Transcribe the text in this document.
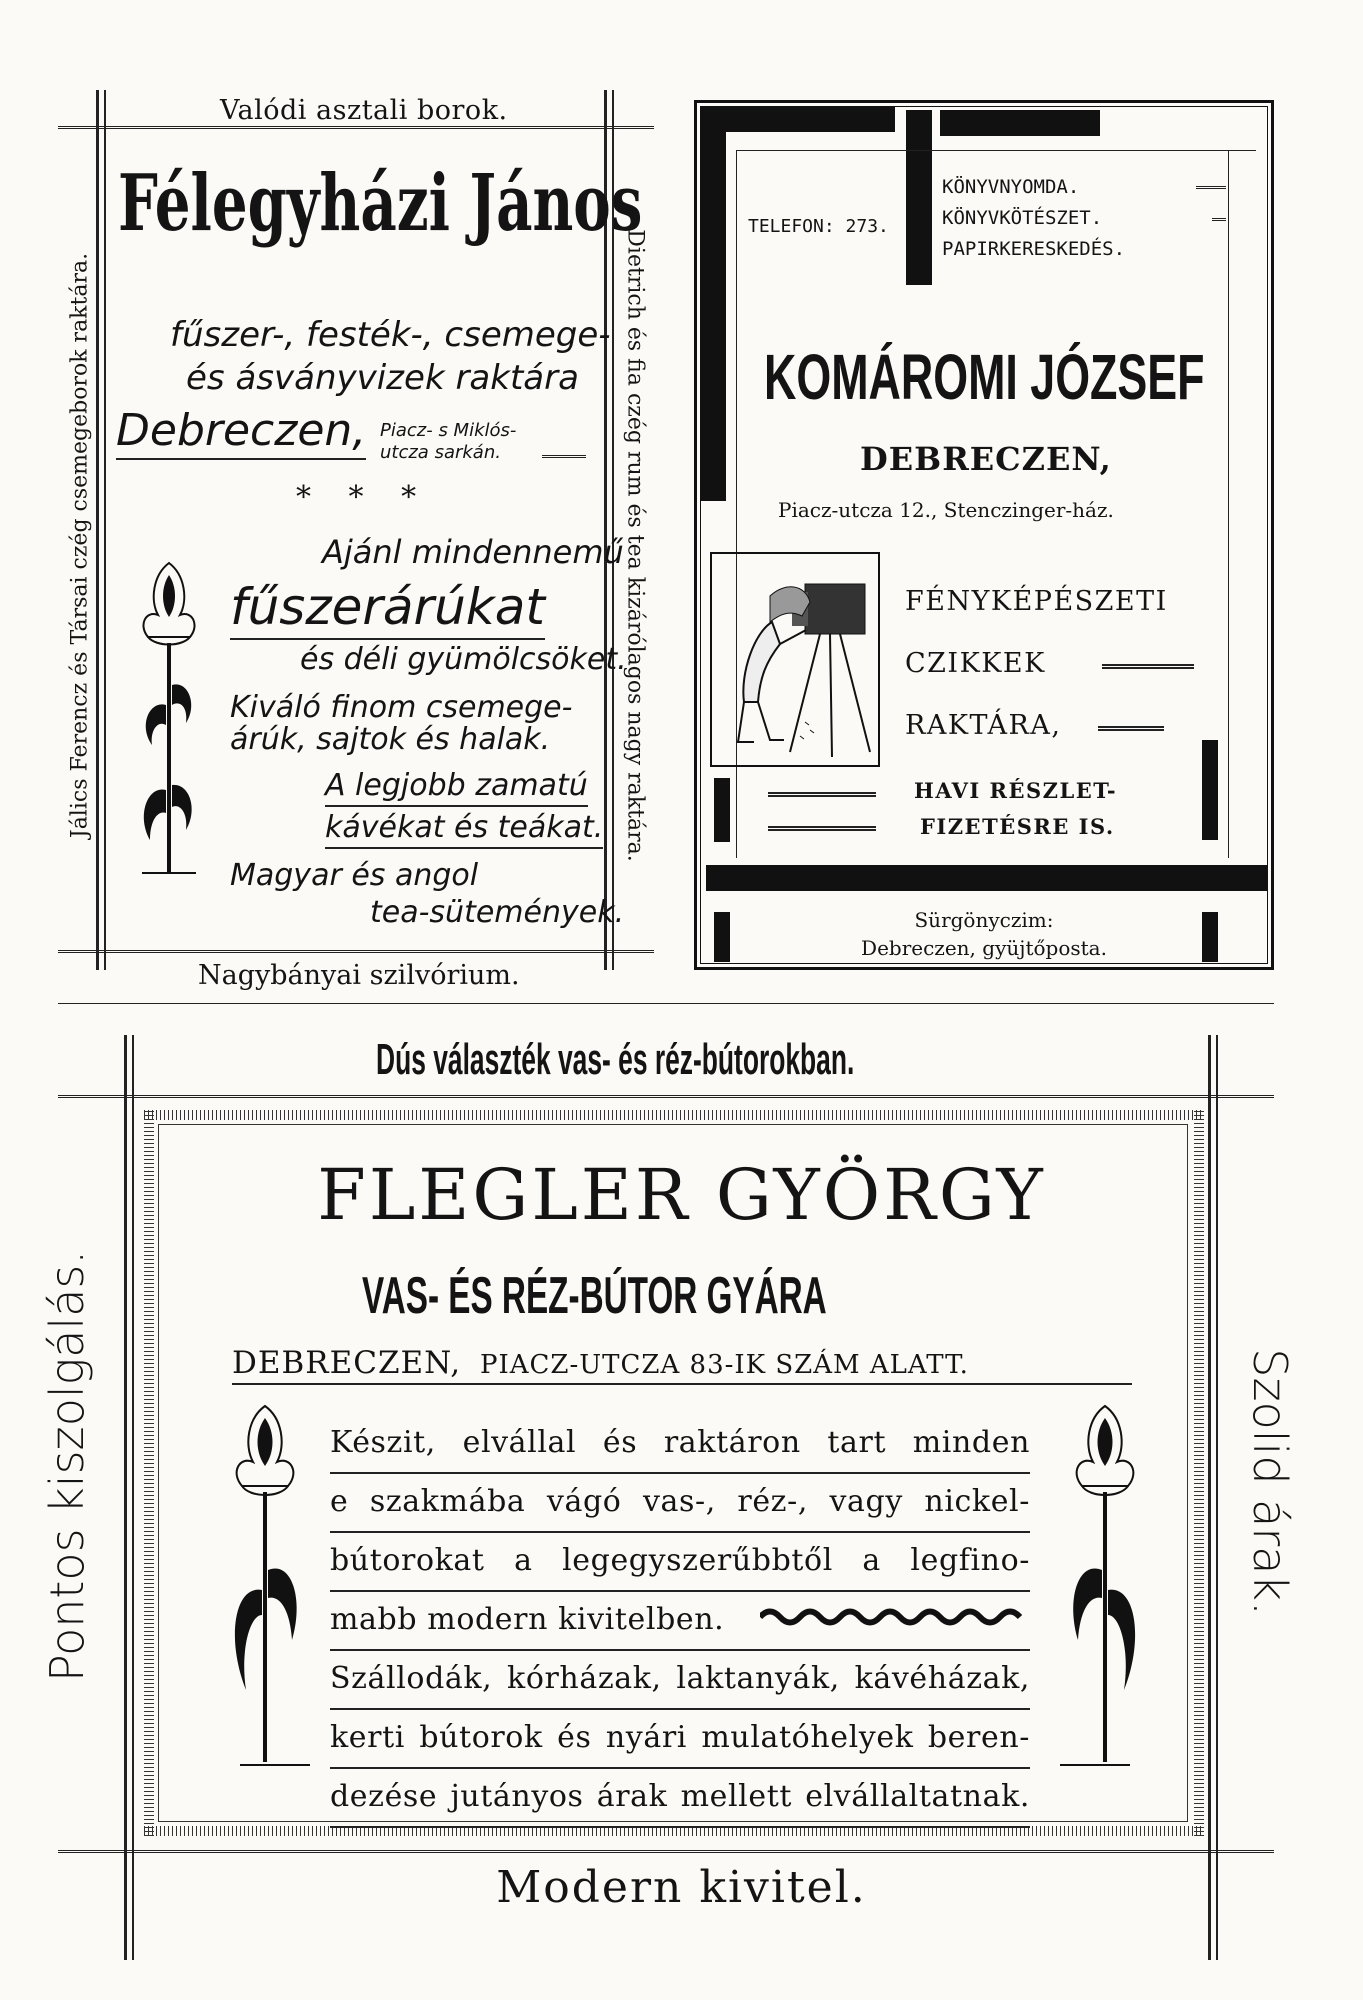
Valódi asztali borok.
Nagybányai szilvórium.
Jálics Ferencz és Társai czég csemegeborok raktára.	Dietrich és fia czég rum és tea kizárólagos nagy raktára.
Félegyházi János
fűszer-, festék-, csemege-
és ásványvizek raktára
Debreczen, Piacz- s Miklós-
utcza sarkán.
* * *
Ajánl mindennemű
fűszerárúkat
és déli gyümölcsöket.
Kiváló finom csemege-
árúk, sajtok és halak.
A legjobb zamatú
kávékat és teákat.
Magyar és angol
tea-sütemények.
TELEFON: 273.
KÖNYVNYOMDA.
KÖNYVKÖTÉSZET.
PAPIRKERESKEDÉS.
KOMÁROMI JÓZSEF
DEBRECZEN,
Piacz-utcza 12., Stenczinger-ház.
FÉNYKÉPÉSZETI
CZIKKEK
RAKTÁRA,
HAVI RÉSZLET-
FIZETÉSRE IS.
Sürgönyczim:
Debreczen, gyüjtőposta.
Dús választék vas- és réz-bútorokban.
Modern kivitel.
Pontos kiszolgálás.	Szolid árak.
FLEGLER GYÖRGY
VAS- ÉS RÉZ-BÚTOR GYÁRA
DEBRECZEN, PIACZ-UTCZA 83-IK SZÁM ALATT.
Készit, elvállal és raktáron tart minden
e szakmába vágó vas-, réz-, vagy nickel-
bútorokat a legegyszerűbbtől a legfino-
mabb modern kivitelben.
Szállodák, kórházak, laktanyák, kávéházak,
kerti bútorok és nyári mulatóhelyek beren-
dezése jutányos árak mellett elvállaltatnak.
